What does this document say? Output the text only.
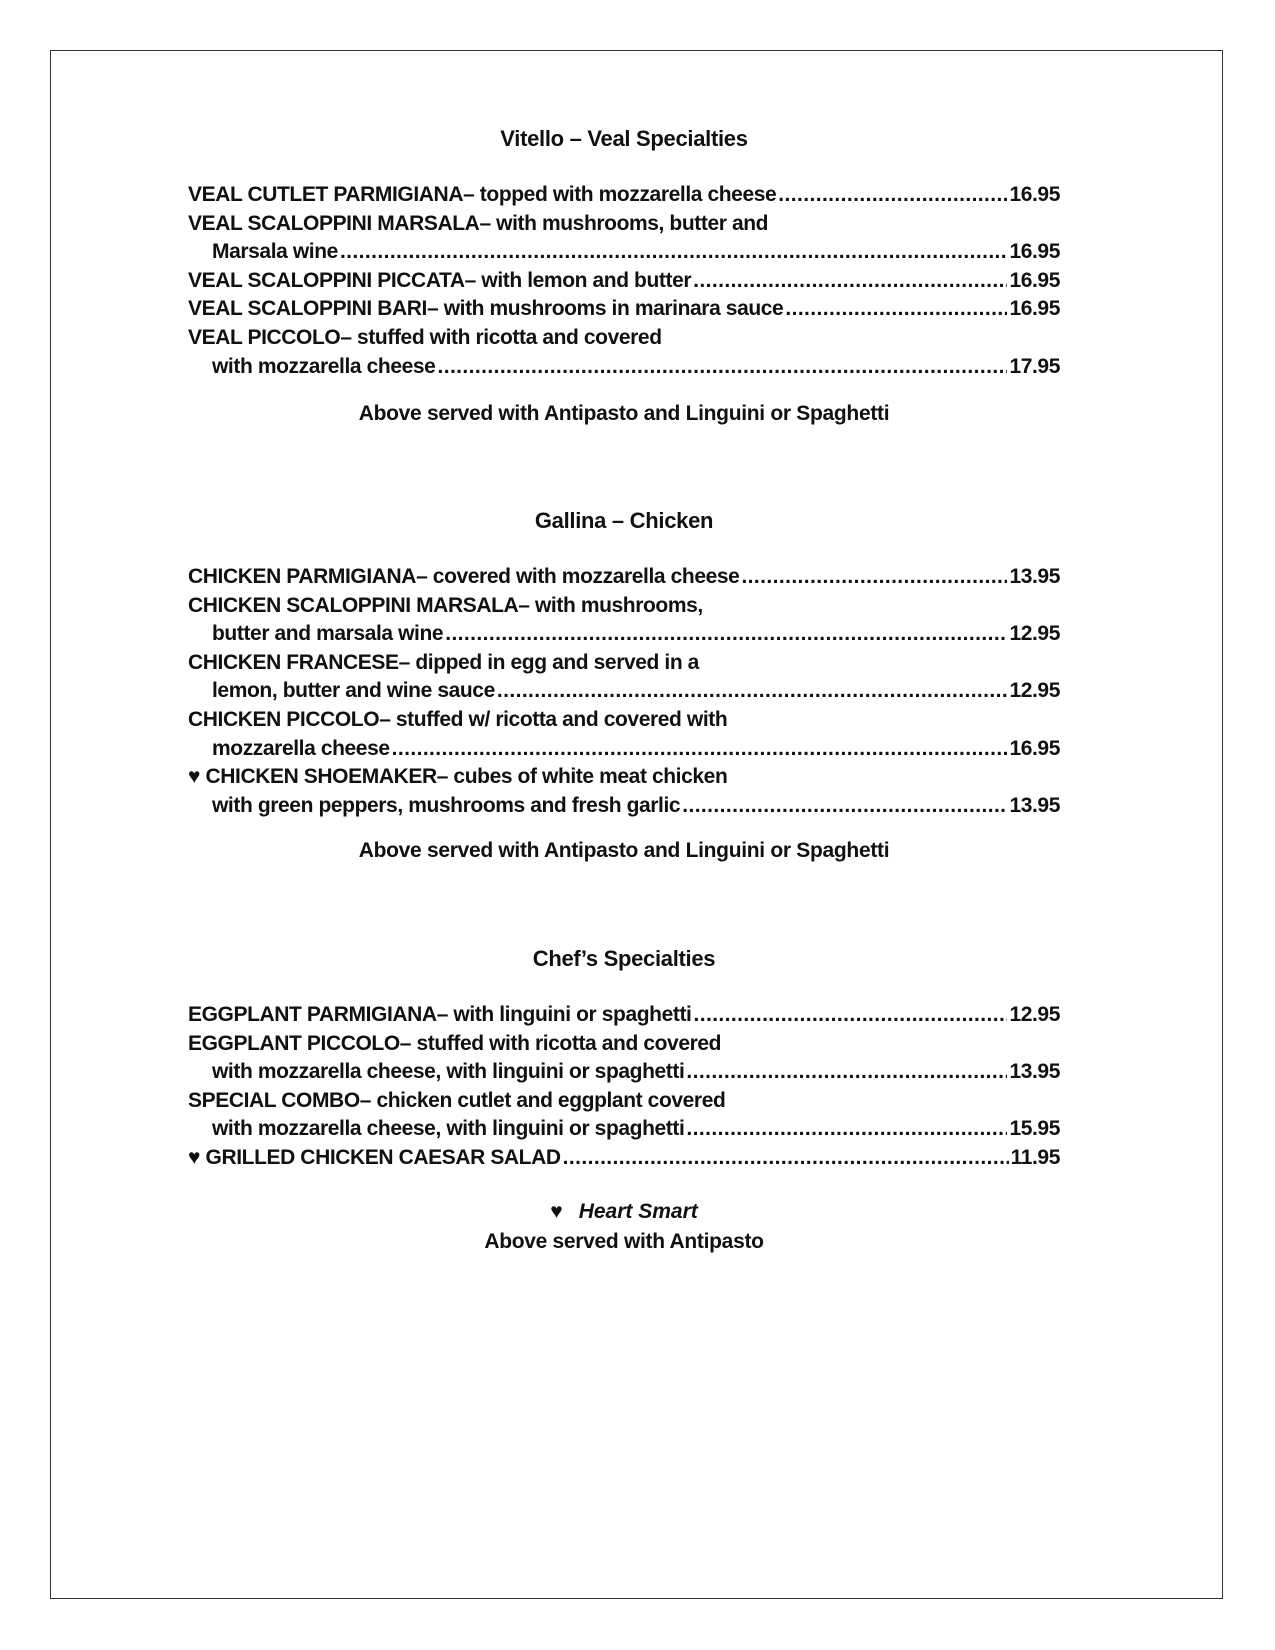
Vitello – Veal Specialties
VEAL CUTLET PARMIGIANA – topped with mozzarella cheese .....	16.95
VEAL SCALOPPINI MARSALA – with mushrooms, butter and
Marsala wine .....	16.95
VEAL SCALOPPINI PICCATA – with lemon and butter .....	16.95
VEAL SCALOPPINI BARI – with mushrooms in marinara sauce .....	16.95
VEAL PICCOLO – stuffed with ricotta and covered
with mozzarella cheese .....	17.95
Above served with Antipasto and Linguini or Spaghetti
Gallina – Chicken
CHICKEN PARMIGIANA – covered with mozzarella cheese .....	13.95
CHICKEN SCALOPPINI MARSALA – with mushrooms,
butter and marsala wine .....	12.95
CHICKEN FRANCESE – dipped in egg and served in a
lemon, butter and wine sauce .....	12.95
CHICKEN PICCOLO – stuffed w/ ricotta and covered with
mozzarella cheese .....	16.95
♥ CHICKEN SHOEMAKER – cubes of white meat chicken
with green peppers, mushrooms and fresh garlic .....	13.95
Above served with Antipasto and Linguini or Spaghetti
Chef’s Specialties
EGGPLANT PARMIGIANA – with linguini or spaghetti .....	12.95
EGGPLANT PICCOLO – stuffed with ricotta and covered
with mozzarella cheese, with linguini or spaghetti .....	13.95
SPECIAL COMBO – chicken cutlet and eggplant covered
with mozzarella cheese, with linguini or spaghetti .....	15.95
♥ GRILLED CHICKEN CAESAR SALAD .....	11.95
♥ Heart Smart
Above served with Antipasto
